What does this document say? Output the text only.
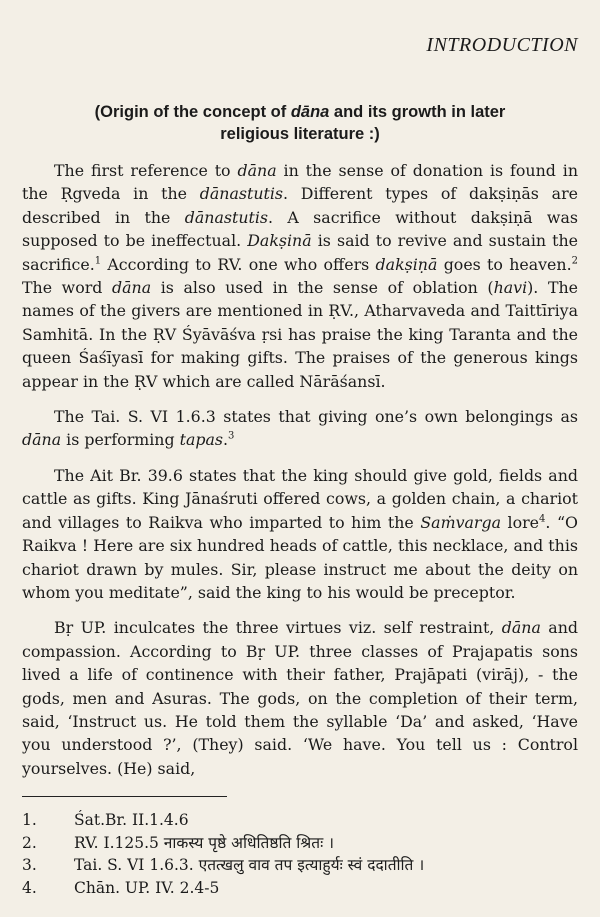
INTRODUCTION
(Origin of the concept of dāna and its growth in later
religious literature :)

The first reference to dāna in the sense of donation is found in the Ṛgveda in the dānastutis. Different types of dakṣiṇās are described in the dānastutis. A sacrifice without dakṣiṇā was supposed to be ineffectual. Dakṣinā is said to revive and sustain the sacrifice.$^1$ According to RV. one who offers dakṣiṇā goes to heaven.$^2$ The word dāna is also used in the sense of oblation (havi). The names of the givers are mentioned in ṚV., Atharvaveda and Taittīriya Samhitā. In the ṚV Śyāvāśva ṛsi has praise the king Taranta and the queen Śaśīyasī for making gifts. The praises of the generous kings appear in the ṚV which are called Nārāśansī.

The Tai. S. VI 1.6.3 states that giving one’s own belongings as dāna is performing tapas.$^3$

The Ait Br. 39.6 states that the king should give gold, fields and cattle as gifts. King Jānaśruti offered cows, a golden chain, a chariot and villages to Raikva who imparted to him the Saṁvarga lore$^4$. “O Raikva ! Here are six hundred heads of cattle, this necklace, and this chariot drawn by mules. Sir, please instruct me about the deity on whom you meditate”, said the king to his would be preceptor.

Bṛ UP. inculcates the three virtues viz. self restraint, dāna and compassion. According to Bṛ UP. three classes of Prajapatis sons lived a life of continence with their father, Prajāpati (virāj), - the gods, men and Asuras. The gods, on the completion of their term, said, ‘Instruct us. He told them the syllable ‘Da’ and asked, ‘Have you understood ?’, (They) said. ‘We have. You tell us : Control yourselves. (He) said,

1.	Śat.Br. II.1.4.6
2.	RV. I.125.5 नाकस्य पृष्ठे अधितिष्ठति श्रितः ।
3.	Tai. S. VI 1.6.3. एतत्खलु वाव तप इत्याहुर्यः स्वं ददातीति ।
4.	Chān. UP. IV. 2.4-5
